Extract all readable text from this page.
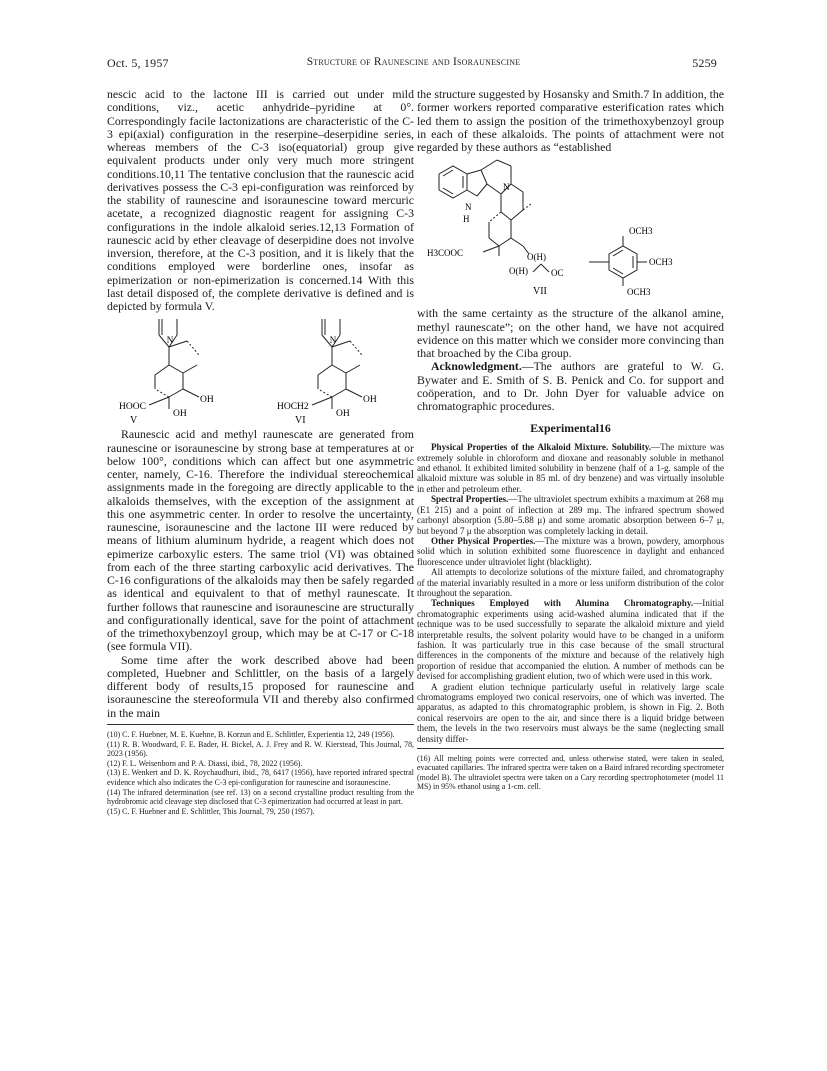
Oct. 5, 1957	Structure of Raunescine and Isoraunescine	5259

nescic acid to the lactone III is carried out under mild conditions, viz., acetic anhydride–pyridine at 0°. Correspondingly facile lactonizations are characteristic of the C-3 epi(axial) configuration in the reserpine–deserpidine series, whereas members of the C-3 iso(equatorial) group give equivalent products under only very much more stringent conditions.10,11 The tentative conclusion that the raunescic acid derivatives possess the C-3 epi-configuration was reinforced by the stability of raunescine and isoraunescine toward mercuric acetate, a recognized diagnostic reagent for assigning C-3 configurations in the indole alkaloid series.12,13 Formation of raunescic acid by ether cleavage of deserpidine does not involve inversion, therefore, at the C-3 position, and it is likely that the conditions employed were borderline ones, insofar as epimerization or non-epimerization is concerned.14 With this last detail disposed of, the complete derivative is defined and is depicted by formula V.

N
HOOC
OH
OH
V
N
HOCH2
OH
OH
VI

Raunescic acid and methyl raunescate are generated from raunescine or isoraunescine by strong base at temperatures at or below 100°, conditions which can affect but one asymmetric center, namely, C-16. Therefore the individual stereochemical assignments made in the foregoing are directly applicable to the alkaloids themselves, with the exception of the assignment at this one asymmetric center. In order to resolve the uncertainty, raunescine, isoraunescine and the lactone III were reduced by means of lithium aluminum hydride, a reagent which does not epimerize carboxylic esters. The same triol (VI) was obtained from each of the three starting carboxylic acid derivatives. The C-16 configurations of the alkaloids may then be safely regarded as identical and equivalent to that of methyl raunescate. It further follows that raunescine and isoraunescine are structurally and configurationally identical, save for the point of attachment of the trimethoxybenzoyl group, which may be at C-17 or C-18 (see formula VII).

Some time after the work described above had been completed, Huebner and Schlittler, on the basis of a largely different body of results,15 proposed for raunescine and isoraunescine the stereoformula VII and thereby also confirmed in the main

(10) C. F. Huebner, M. E. Kuehne, B. Korzun and E. Schlittler, Experientia 12, 249 (1956).

(11) R. B. Woodward, F. E. Bader, H. Bickel, A. J. Frey and R. W. Kierstead, This Journal, 78, 2023 (1956).

(12) F. L. Weisenborn and P. A. Diassi, ibid., 78, 2022 (1956).

(13) E. Wenkert and D. K. Roychaudhuri, ibid., 78, 6417 (1956), have reported infrared spectral evidence which also indicates the C-3 epi-configuration for raunescine and isoraunescine.

(14) The infrared determination (see ref. 13) on a second crystalline product resulting from the hydrobromic acid cleavage step disclosed that C-3 epimerization had occurred at least in part.

(15) C. F. Huebner and E. Schlittler, This Journal, 79, 250 (1957).

the structure suggested by Hosansky and Smith.7 In addition, the former workers reported comparative esterification rates which led them to assign the position of the trimethoxybenzoyl group in each of these alkaloids. The points of attachment were not regarded by these authors as “established

N
H
N
H3COOC	O(H)
O(H)	OC
OCH3
OCH3
OCH3
VII

with the same certainty as the structure of the alkanol amine, methyl raunescate”; on the other hand, we have not acquired evidence on this matter which we consider more convincing than that broached by the Ciba group.

Acknowledgment.—The authors are grateful to W. G. Bywater and E. Smith of S. B. Penick and Co. for support and coöperation, and to Dr. John Dyer for valuable advice on chromatographic procedures.

Experimental16

Physical Properties of the Alkaloid Mixture. Solubility.—The mixture was extremely soluble in chloroform and dioxane and reasonably soluble in methanol and ethanol. It exhibited limited solubility in benzene (half of a 1-g. sample of the alkaloid mixture was soluble in 85 ml. of dry benzene) and was virtually insoluble in ether and petroleum ether.

Spectral Properties.—The ultraviolet spectrum exhibits a maximum at 268 mμ (E1 215) and a point of inflection at 289 mμ. The infrared spectrum showed carbonyl absorption (5.80–5.88 μ) and some aromatic absorption between 6–7 μ, but beyond 7 μ the absorption was completely lacking in detail.

Other Physical Properties.—The mixture was a brown, powdery, amorphous solid which in solution exhibited some fluorescence in daylight and enhanced fluorescence under ultraviolet light (blacklight).

All attempts to decolorize solutions of the mixture failed, and chromatography of the material invariably resulted in a more or less uniform distribution of the color throughout the separation.

Techniques Employed with Alumina Chromatography.—Initial chromatographic experiments using acid-washed alumina indicated that if the technique was to be used successfully to separate the alkaloid mixture and yield interpretable results, the solvent polarity would have to be changed in a uniform fashion. It was particularly true in this case because of the small structural differences in the components of the mixture and because of the relatively high proportion of residue that accompanied the elution. A number of methods can be devised for accomplishing gradient elution, two of which were used in this work.

A gradient elution technique particularly useful in relatively large scale chromatograms employed two conical reservoirs, one of which was inverted. The apparatus, as adapted to this chromatographic problem, is shown in Fig. 2. Both conical reservoirs are open to the air, and since there is a liquid bridge between them, the levels in the two reservoirs must always be the same (neglecting small density differ-

(16) All melting points were corrected and, unless otherwise stated, were taken in sealed, evacuated capillaries. The infrared spectra were taken on a Baird infrared recording spectrometer (model B). The ultraviolet spectra were taken on a Cary recording spectrophotometer (model 11 MS) in 95% ethanol using a 1-cm. cell.
